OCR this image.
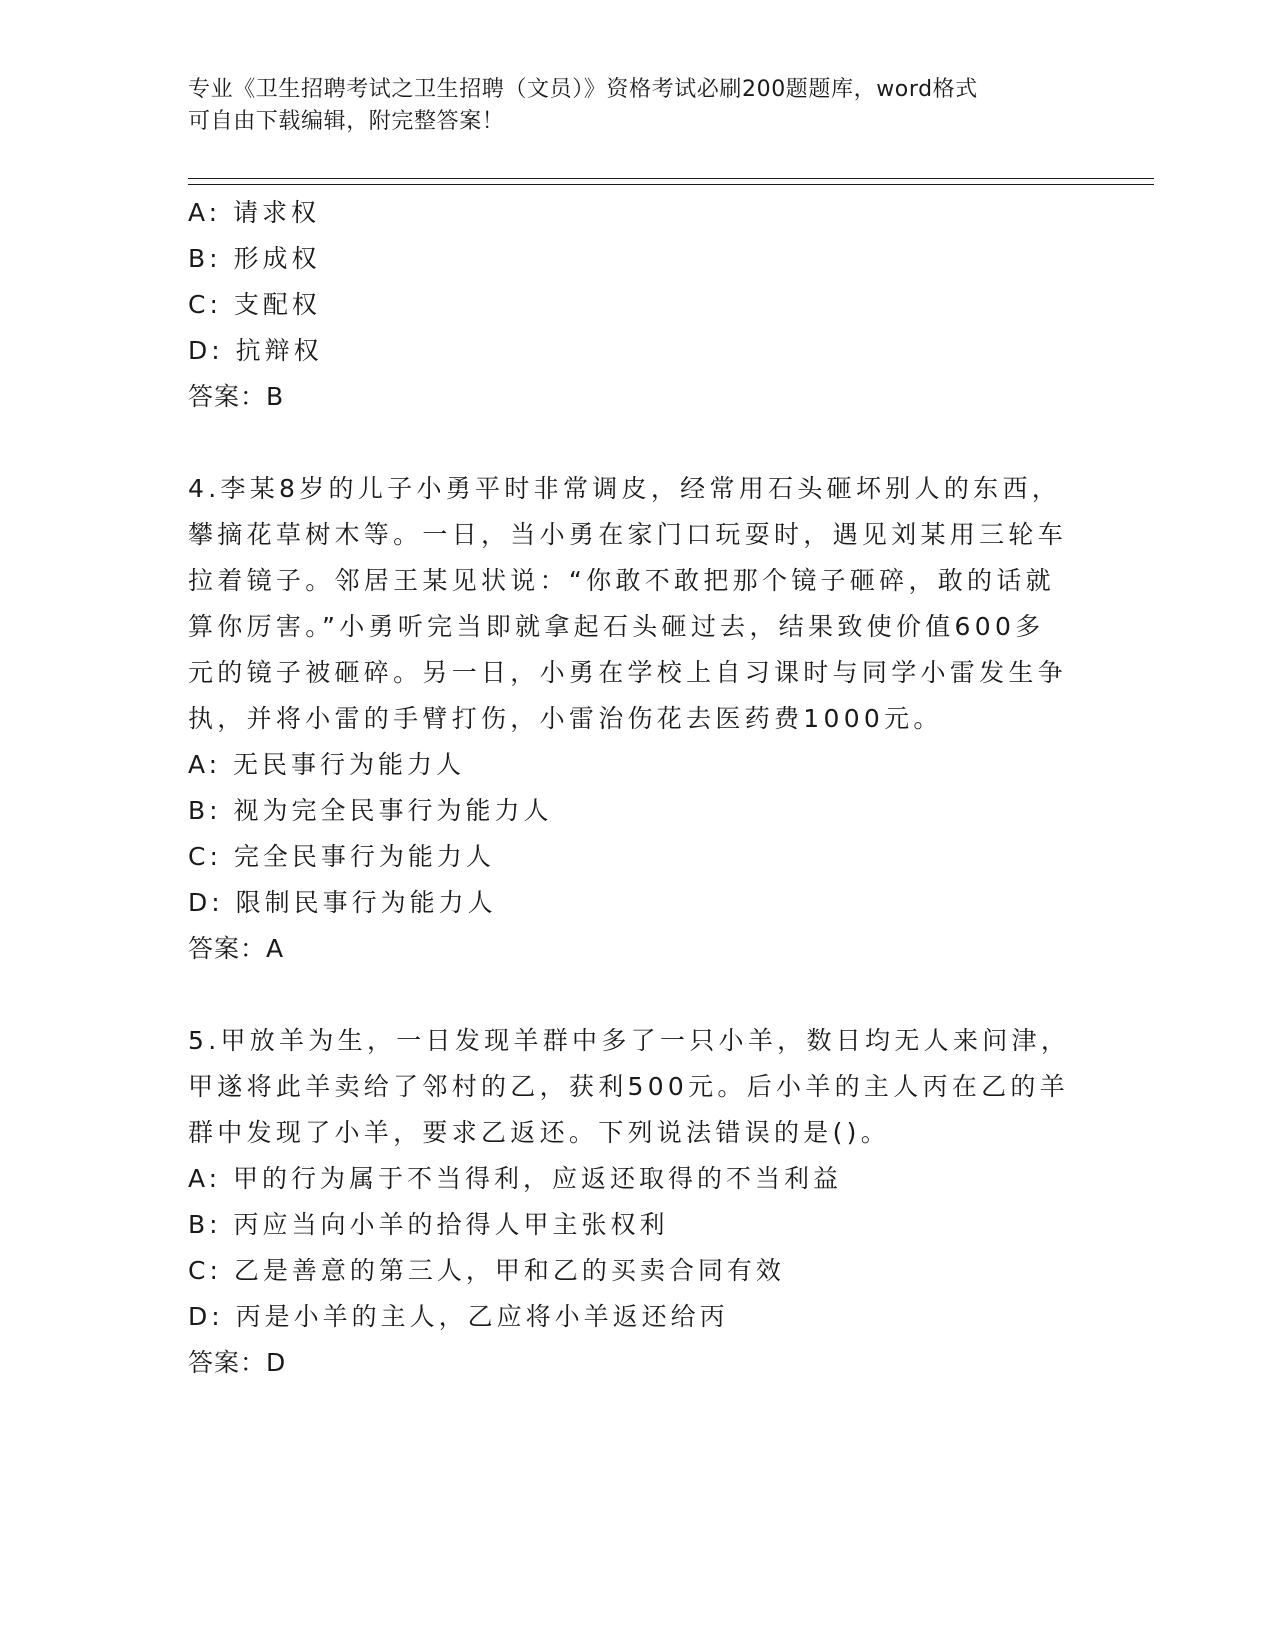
专业《卫生招聘考试之卫生招聘（文员）》资格考试必刷200题题库，word格式
可自由下载编辑，附完整答案！
A: 请求权
B: 形成权
C: 支配权
D: 抗辩权
答案：B
4.李某8岁的儿子小勇平时非常调皮，经常用石头砸坏别人的东西，
攀摘花草树木等。一日，当小勇在家门口玩耍时，遇见刘某用三轮车
拉着镜子。邻居王某见状说：“你敢不敢把那个镜子砸碎，敢的话就
算你厉害。”小勇听完当即就拿起石头砸过去，结果致使价值600多
元的镜子被砸碎。另一日，小勇在学校上自习课时与同学小雷发生争
执，并将小雷的手臂打伤，小雷治伤花去医药费1000元。
A: 无民事行为能力人
B: 视为完全民事行为能力人
C: 完全民事行为能力人
D: 限制民事行为能力人
答案：A
5.甲放羊为生，一日发现羊群中多了一只小羊，数日均无人来问津，
甲遂将此羊卖给了邻村的乙，获利500元。后小羊的主人丙在乙的羊
群中发现了小羊，要求乙返还。下列说法错误的是()。
A: 甲的行为属于不当得利，应返还取得的不当利益
B: 丙应当向小羊的拾得人甲主张权利
C: 乙是善意的第三人，甲和乙的买卖合同有效
D: 丙是小羊的主人，乙应将小羊返还给丙
答案：D
